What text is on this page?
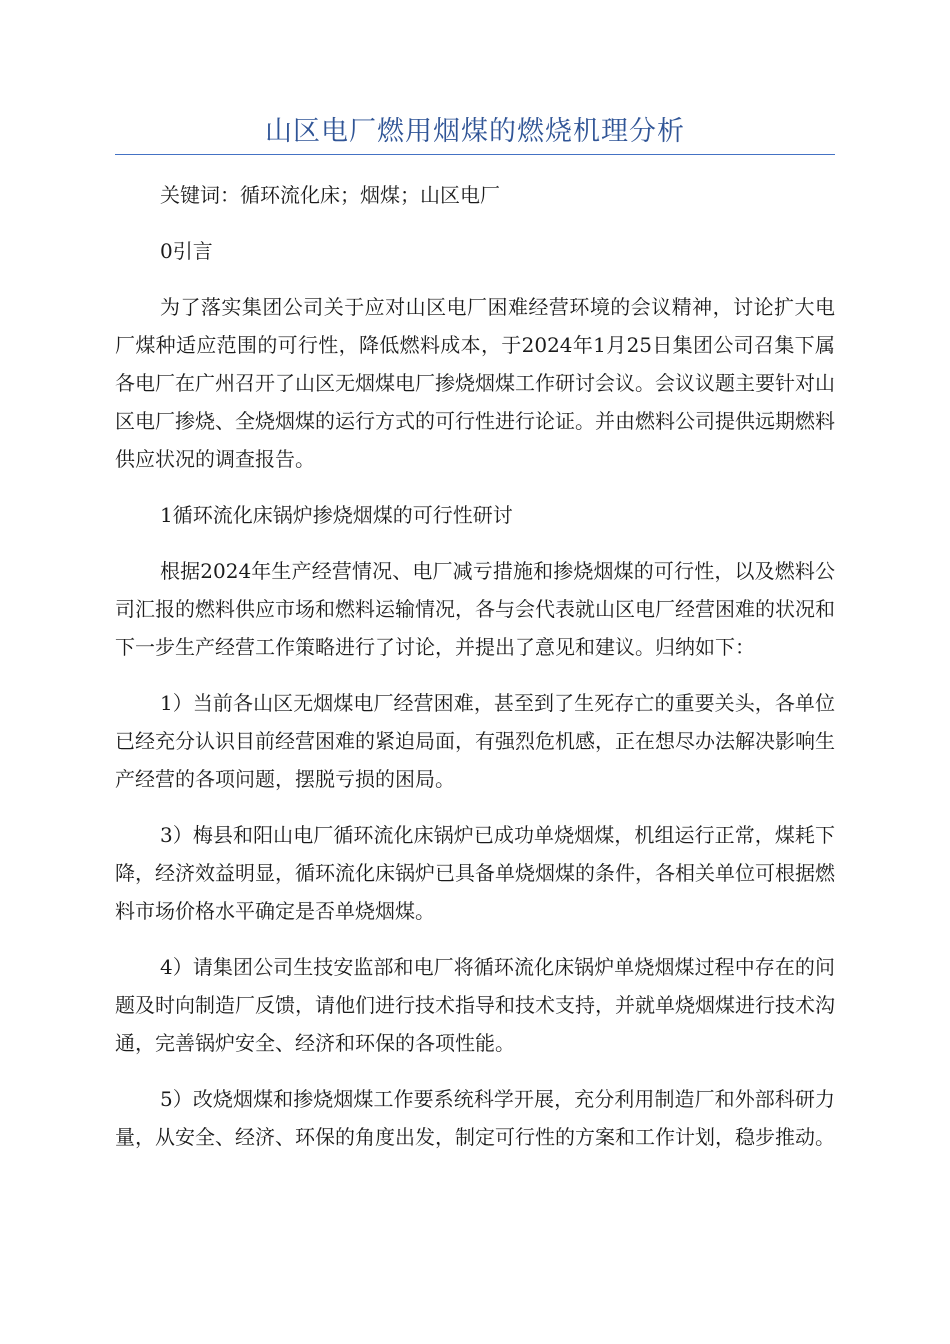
山区电厂燃用烟煤的燃烧机理分析

关键词：循环流化床；烟煤；山区电厂

0引言

为了落实集团公司关于应对山区电厂困难经营环境的会议精神，讨论扩大电厂煤种适应范围的可行性，降低燃料成本，于2024年1月25日集团公司召集下属各电厂在广州召开了山区无烟煤电厂掺烧烟煤工作研讨会议。会议议题主要针对山区电厂掺烧、全烧烟煤的运行方式的可行性进行论证。并由燃料公司提供远期燃料供应状况的调查报告。

1循环流化床锅炉掺烧烟煤的可行性研讨

根据2024年生产经营情况、电厂减亏措施和掺烧烟煤的可行性，以及燃料公司汇报的燃料供应市场和燃料运输情况，各与会代表就山区电厂经营困难的状况和下一步生产经营工作策略进行了讨论，并提出了意见和建议。归纳如下：

1）当前各山区无烟煤电厂经营困难，甚至到了生死存亡的重要关头，各单位已经充分认识目前经营困难的紧迫局面，有强烈危机感，正在想尽办法解决影响生产经营的各项问题，摆脱亏损的困局。

3）梅县和阳山电厂循环流化床锅炉已成功单烧烟煤，机组运行正常，煤耗下降，经济效益明显，循环流化床锅炉已具备单烧烟煤的条件，各相关单位可根据燃料市场价格水平确定是否单烧烟煤。

4）请集团公司生技安监部和电厂将循环流化床锅炉单烧烟煤过程中存在的问题及时向制造厂反馈，请他们进行技术指导和技术支持，并就单烧烟煤进行技术沟通，完善锅炉安全、经济和环保的各项性能。

5）改烧烟煤和掺烧烟煤工作要系统科学开展，充分利用制造厂和外部科研力量，从安全、经济、环保的角度出发，制定可行性的方案和工作计划，稳步推动。
